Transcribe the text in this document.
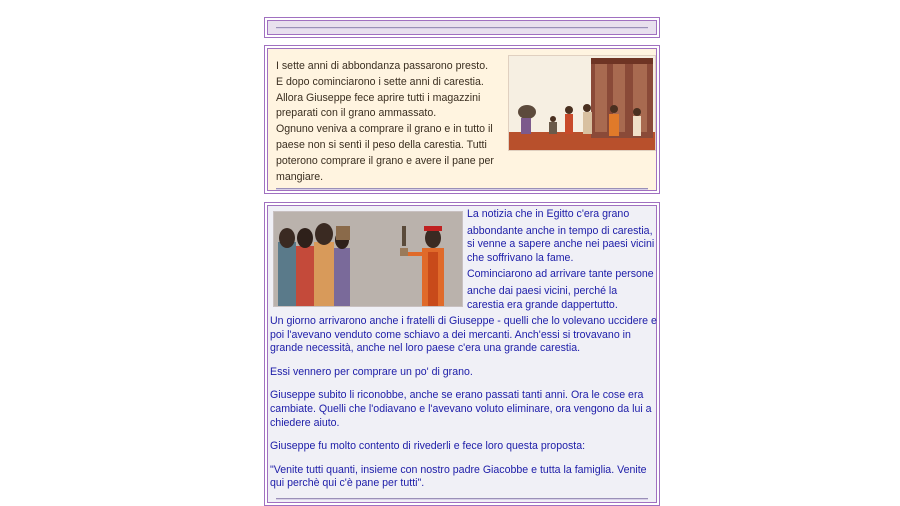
I sette anni di abbondanza passarono presto.
E dopo cominciarono i sette anni di carestia.
Allora Giuseppe fece aprire tutti i magazzini
preparati con il grano ammassato.
Ognuno veniva a comprare il grano e in tutto il
paese non si sentì il peso della carestia. Tutti
poterono comprare il grano e avere il pane per
mangiare.
La notizia che in Egitto c'era grano
abbondante anche in tempo di carestia,
si venne a sapere anche nei paesi vicini
che soffrivano la fame.
Cominciarono ad arrivare tante persone
anche dai paesi vicini, perché la
carestia era grande dappertutto.
Un giorno arrivarono anche i fratelli di Giuseppe - quelli che lo volevano uccidere e
poi l'avevano venduto come schiavo a dei mercanti. Anch'essi si trovavano in
grande necessità, anche nel loro paese c'era una grande carestia.
Essi vennero per comprare un po' di grano.
Giuseppe subito li riconobbe, anche se erano passati tanti anni. Ora le cose era
cambiate. Quelli che l'odiavano e l'avevano voluto eliminare, ora vengono da lui a
chiedere aiuto.
Giuseppe fu molto contento di rivederli e fece loro questa proposta:
"Venite tutti quanti, insieme con nostro padre Giacobbe e tutta la famiglia. Venite
qui perchè qui c'è pane per tutti".
